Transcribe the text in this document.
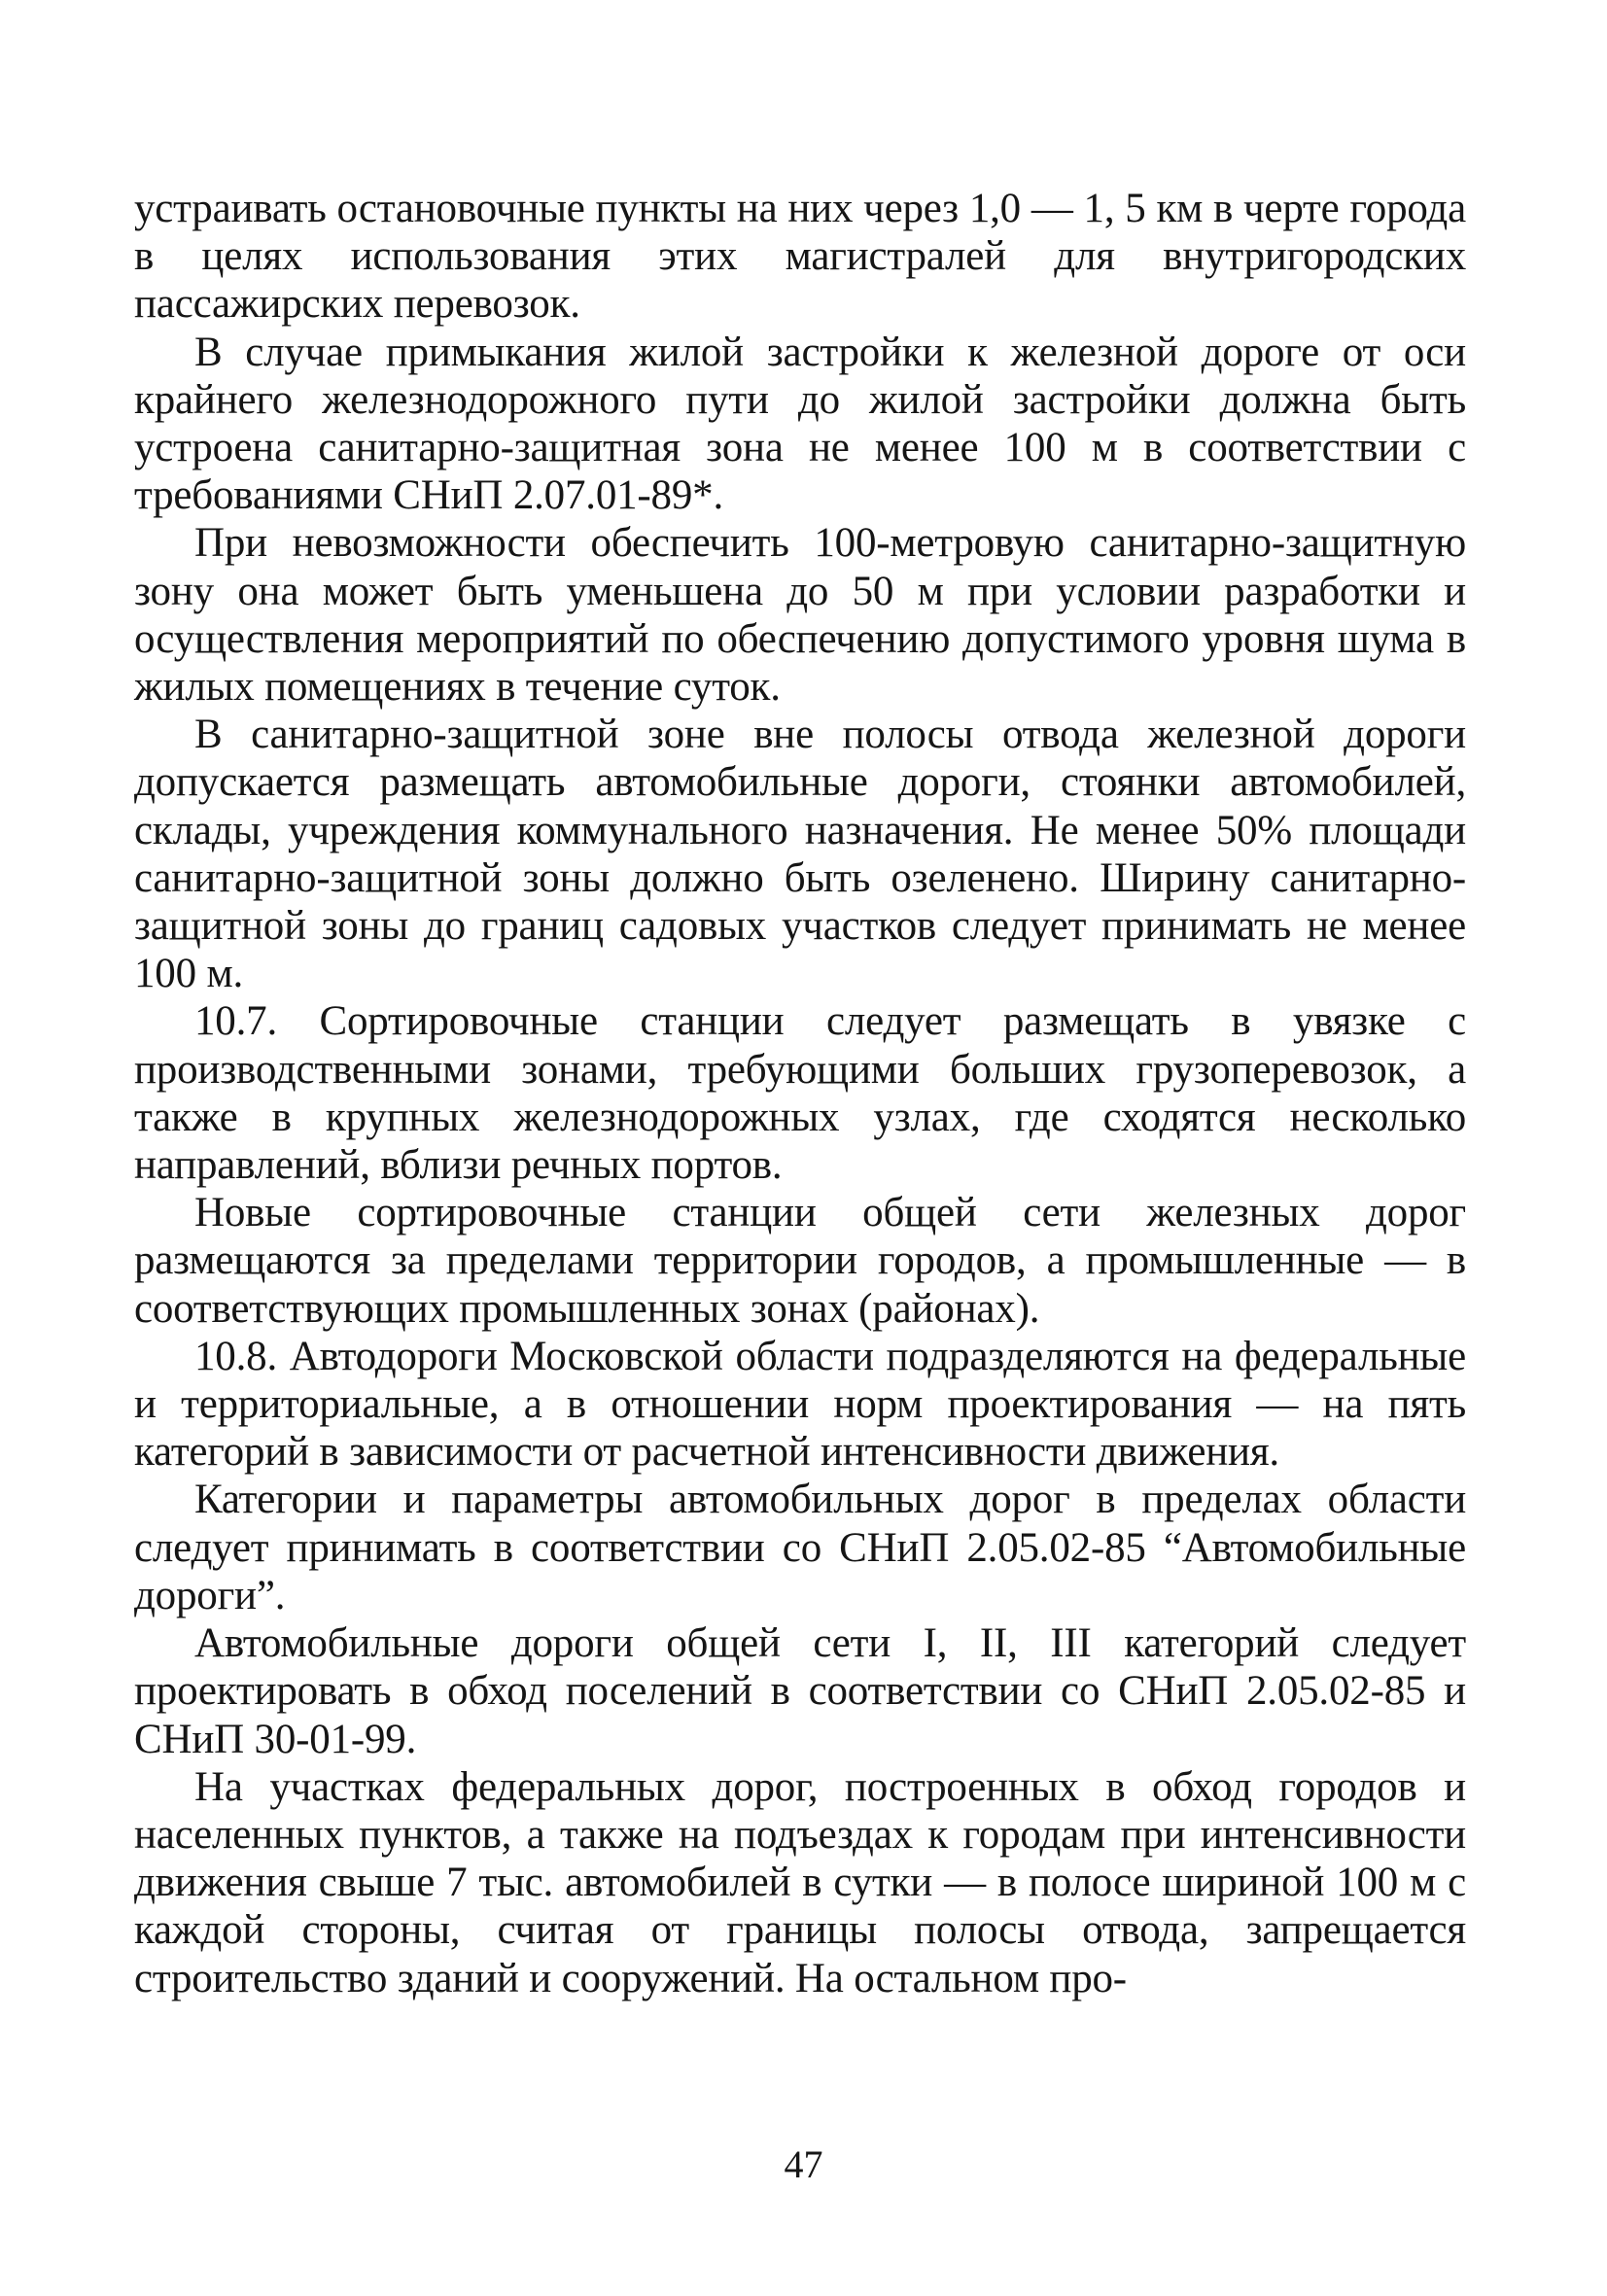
устраивать остановочные пункты на них через 1,0 — 1, 5 км в черте города в целях использования этих магистралей для внутригородских пассажирских перевозок.

В случае примыкания жилой застройки к железной дороге от оси крайнего железнодорожного пути до жилой застройки должна быть устроена санитарно-защитная зона не менее 100 м в соответствии с требованиями СНиП 2.07.01-89*.

При невозможности обеспечить 100-метровую санитарно-защитную зону она может быть уменьшена до 50 м при условии разработки и осуществления мероприятий по обеспечению допустимого уровня шума в жилых помещениях в течение суток.

В санитарно-защитной зоне вне полосы отвода железной дороги допускается размещать автомобильные дороги, стоянки автомобилей, склады, учреждения коммунального назначения. Не менее 50% площади санитарно-защитной зоны должно быть озеленено. Ширину санитарно-защитной зоны до границ садовых участков следует принимать не менее 100 м.

10.7. Сортировочные станции следует размещать в увязке с производственными зонами, требующими больших грузоперевозок, а также в крупных железнодорожных узлах, где сходятся несколько направлений, вблизи речных портов.

Новые сортировочные станции общей сети железных дорог размещаются за пределами территории городов, а промышленные — в соответствующих промышленных зонах (районах).

10.8. Автодороги Московской области подразделяются на федеральные и территориальные, а в отношении норм проектирования — на пять категорий в зависимости от расчетной интенсивности движения.

Категории и параметры автомобильных дорог в пределах области следует принимать в соответствии со СНиП 2.05.02-85 “Автомобильные дороги”.

Автомобильные дороги общей сети I, II, III категорий следует проектировать в обход поселений в соответствии со СНиП 2.05.02-85 и СНиП 30-01-99.

На участках федеральных дорог, построенных в обход городов и населенных пунктов, а также на подъездах к городам при интенсивности движения свыше 7 тыс. автомобилей в сутки — в полосе шириной 100 м с каждой стороны, считая от границы полосы отвода, запрещается строительство зданий и сооружений. На остальном про-

47
